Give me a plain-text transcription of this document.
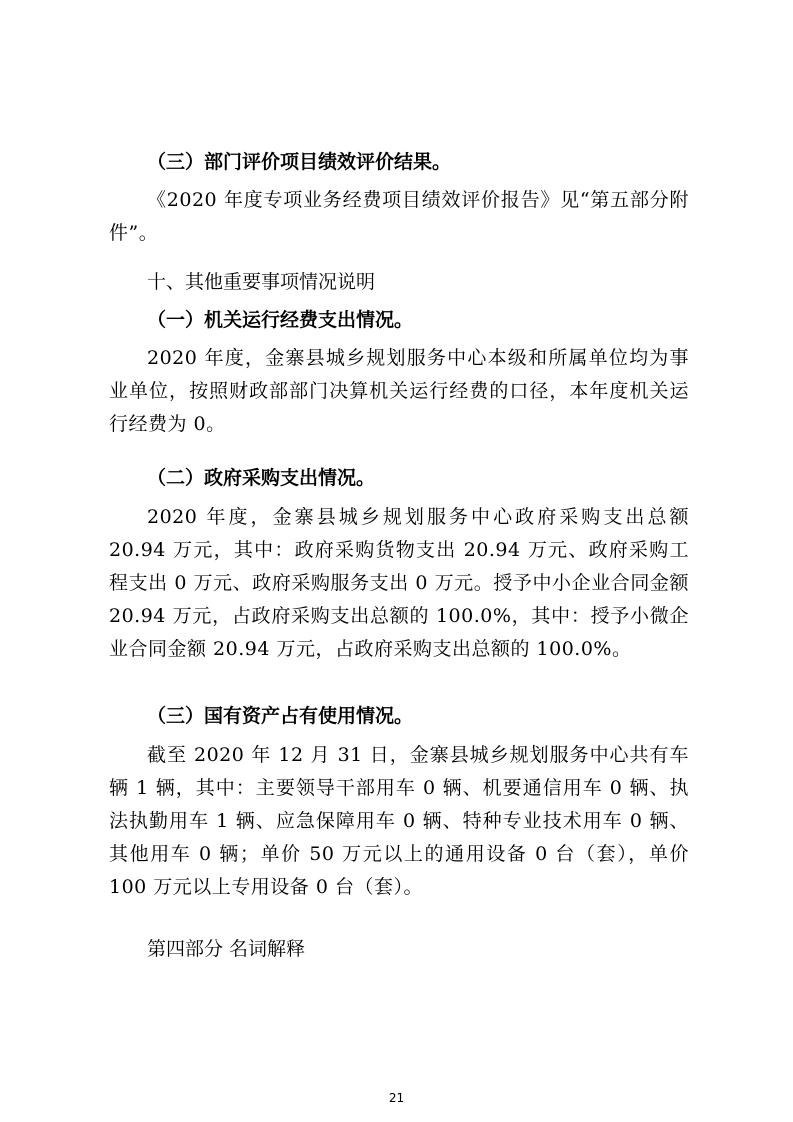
（三）部门评价项目绩效评价结果。

《2020 年度专项业务经费项目绩效评价报告》见“第五部分附件”。

十、其他重要事项情况说明

（一）机关运行经费支出情况。

2020 年度，金寨县城乡规划服务中心本级和所属单位均为事业单位，按照财政部部门决算机关运行经费的口径，本年度机关运行经费为 0。

（二）政府采购支出情况。

2020 年度，金寨县城乡规划服务中心政府采购支出总额20.94 万元，其中：政府采购货物支出 20.94 万元、政府采购工程支出 0 万元、政府采购服务支出 0 万元。授予中小企业合同金额 20.94 万元，占政府采购支出总额的 100.0%，其中：授予小微企业合同金额 20.94 万元，占政府采购支出总额的 100.0%。

（三）国有资产占有使用情况。

截至 2020 年 12 月 31 日，金寨县城乡规划服务中心共有车辆 1 辆，其中：主要领导干部用车 0 辆、机要通信用车 0 辆、执法执勤用车 1 辆、应急保障用车 0 辆、特种专业技术用车 0 辆、其他用车 0 辆；单价 50 万元以上的通用设备 0 台（套），单价100 万元以上专用设备 0 台（套）。

第四部分 名词解释

21
